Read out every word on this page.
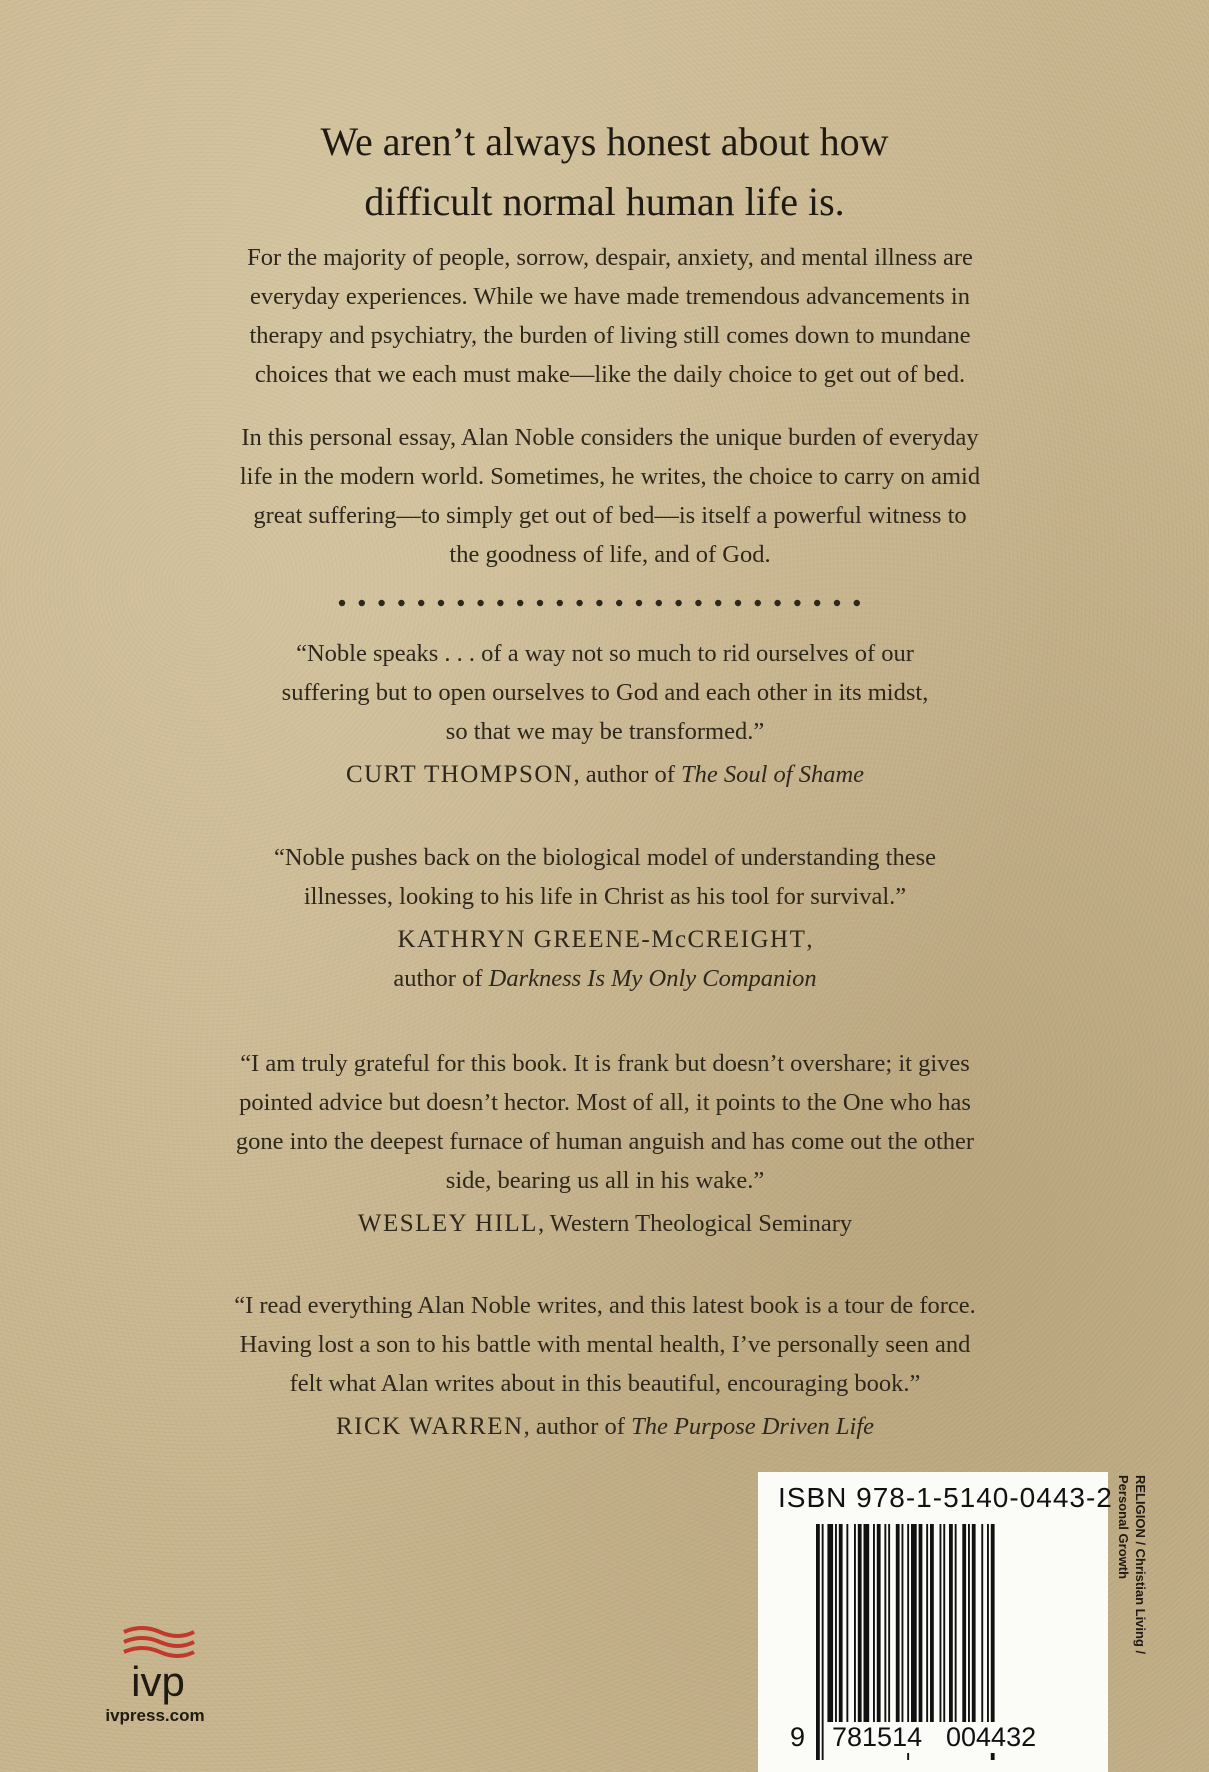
We aren’t always honest about how
difficult normal human life is.
For the majority of people, sorrow, despair, anxiety, and mental illness are
everyday experiences. While we have made tremendous advancements in
therapy and psychiatry, the burden of living still comes down to mundane
choices that we each must make—like the daily choice to get out of bed.
In this personal essay, Alan Noble considers the unique burden of everyday
life in the modern world. Sometimes, he writes, the choice to carry on amid
great suffering—to simply get out of bed—is itself a powerful witness to
the goodness of life, and of God.
“Noble speaks . . . of a way not so much to rid ourselves of our
suffering but to open ourselves to God and each other in its midst,
so that we may be transformed.”
CURT THOMPSON, author of The Soul of Shame
“Noble pushes back on the biological model of understanding these
illnesses, looking to his life in Christ as his tool for survival.”
KATHRYN GREENE-McCREIGHT,
author of Darkness Is My Only Companion
“I am truly grateful for this book. It is frank but doesn’t overshare; it gives
pointed advice but doesn’t hector. Most of all, it points to the One who has
gone into the deepest furnace of human anguish and has come out the other
side, bearing us all in his wake.”
WESLEY HILL, Western Theological Seminary
“I read everything Alan Noble writes, and this latest book is a tour de force.
Having lost a son to his battle with mental health, I’ve personally seen and
felt what Alan writes about in this beautiful, encouraging book.”
RICK WARREN, author of The Purpose Driven Life
ivp
ivpress.com
ISBN 978-1-5140-0443-2
9 781514 004432
RELIGION / Christian Living /
Personal Growth
